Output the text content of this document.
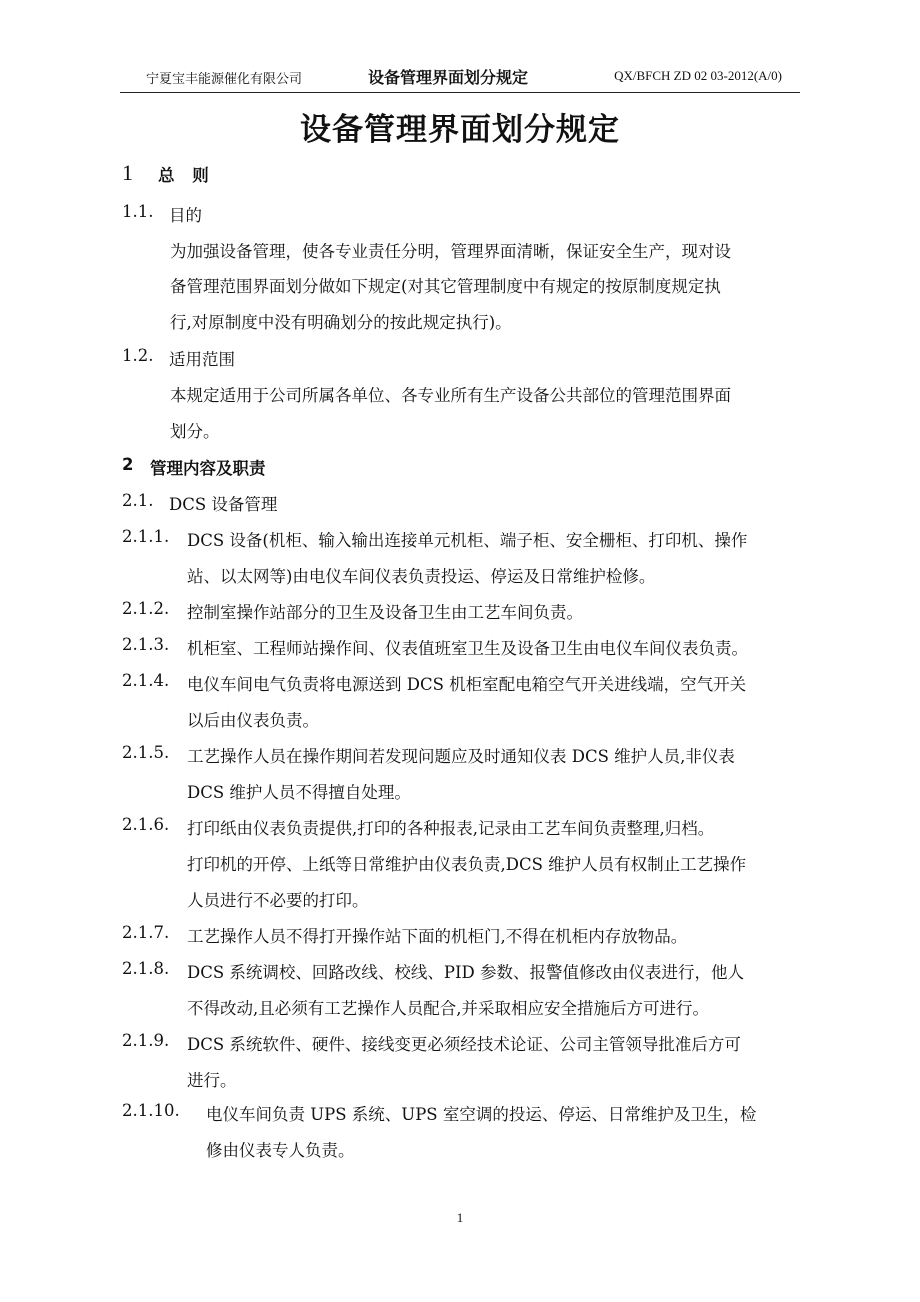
宁夏宝丰能源催化有限公司	设备管理界面划分规定	QX/BFCH ZD 02 03-2012(A/0)
设备管理界面划分规定
1 总 则
1.1. 目的
为加强设备管理，使各专业责任分明，管理界面清晰，保证安全生产，现对设
备管理范围界面划分做如下规定(对其它管理制度中有规定的按原制度规定执
行,对原制度中没有明确划分的按此规定执行)。
1.2. 适用范围
本规定适用于公司所属各单位、各专业所有生产设备公共部位的管理范围界面
划分。
2 管理内容及职责
2.1. DCS 设备管理
2.1.1. DCS 设备(机柜、输入输出连接单元机柜、端子柜、安全栅柜、打印机、操作
站、以太网等)由电仪车间仪表负责投运、停运及日常维护检修。
2.1.2. 控制室操作站部分的卫生及设备卫生由工艺车间负责。
2.1.3. 机柜室、工程师站操作间、仪表值班室卫生及设备卫生由电仪车间仪表负责。
2.1.4. 电仪车间电气负责将电源送到 DCS 机柜室配电箱空气开关进线端，空气开关
以后由仪表负责。
2.1.5. 工艺操作人员在操作期间若发现问题应及时通知仪表 DCS 维护人员,非仪表
DCS 维护人员不得擅自处理。
2.1.6. 打印纸由仪表负责提供,打印的各种报表,记录由工艺车间负责整理,归档。
打印机的开停、上纸等日常维护由仪表负责,DCS 维护人员有权制止工艺操作
人员进行不必要的打印。
2.1.7. 工艺操作人员不得打开操作站下面的机柜门,不得在机柜内存放物品。
2.1.8. DCS 系统调校、回路改线、校线、PID 参数、报警值修改由仪表进行，他人
不得改动,且必须有工艺操作人员配合,并采取相应安全措施后方可进行。
2.1.9. DCS 系统软件、硬件、接线变更必须经技术论证、公司主管领导批准后方可
进行。
2.1.10. 电仪车间负责 UPS 系统、UPS 室空调的投运、停运、日常维护及卫生，检
修由仪表专人负责。
1
